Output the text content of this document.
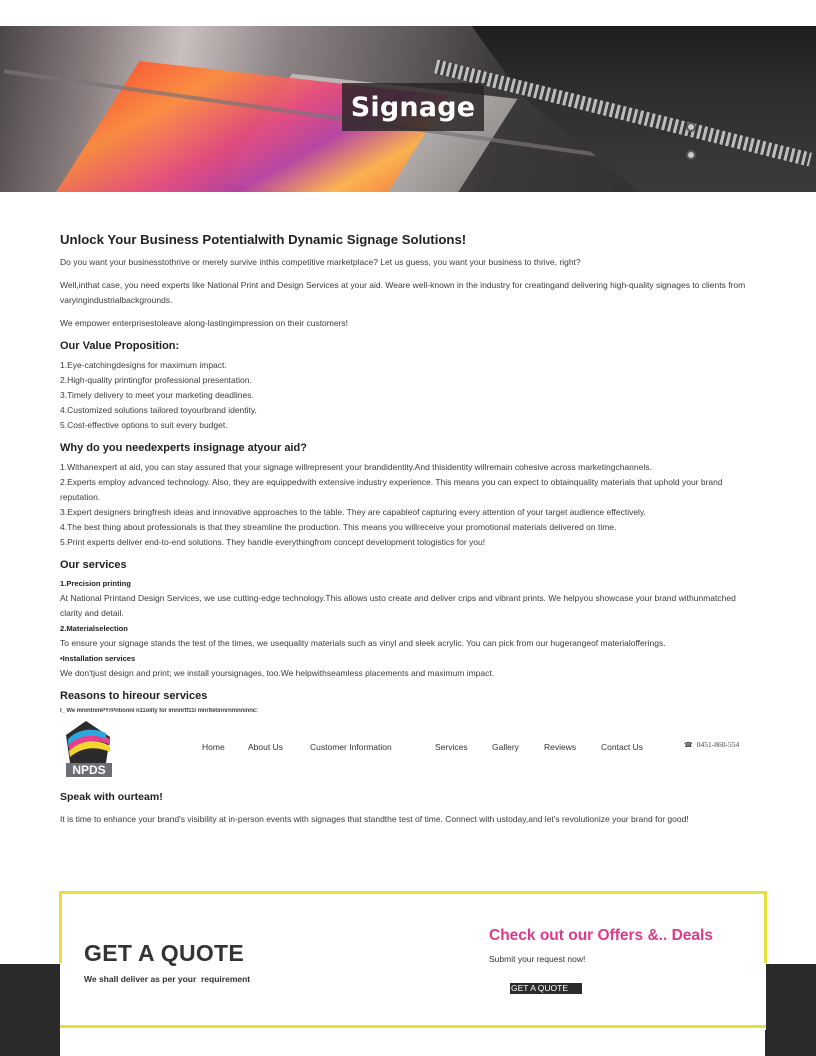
Signage
Unlock Your Business Potentialwith Dynamic Signage Solutions!

Do you want your businesstothrive or merely survive inthis competitive marketplace? Let us guess, you want your business to thrive, right?

Well,inthat case, you need experts like National Print and Design Services at your aid. Weare well-known in the industry for creatingand delivering high-quality signages to clients from varyingindustrialbackgrounds.

We empower enterprisestoleave along-lastingimpression on their customers!

Our Value Proposition:
1.Eye-catchingdesigns for maximum impact.
2.High-quality printingfor professional presentation.
3.Timely delivery to meet your marketing deadlines.
4.Customized solutions tailored toyourbrand identity.
5.Cost-effective options to suit every budget.
Why do you needexperts insignage atyour aid?
1.Withanexpert at aid, you can stay assured that your signage willrepresent your brandidentity.And thisidentity willremain cohesive across marketingchannels.
2.Experts employ advanced technology. Also, they are equippedwith extensive industry experience. This means you can expect to obtainquality materials that uphold your brand reputation.
3.Expert designers bringfresh ideas and innovative approaches to the table. They are capableof capturing every attention of your target audience effectively.
4.The best thing about professionals is that they streamline the production. This means you willreceive your promotional materials delivered on time.
5.Print experts deliver end-to-end solutions. They handle everythingfrom concept development tologistics for you!
Our services
1.Precision printing
At National Printand Design Services, we use cutting-edge technology.This allows usto create and deliver crips and vibrant prints. We helpyou showcase your brand withunmatched clarity and detail.
2.Materialselection
To ensure your signage stands the test of the times, we usequality materials such as vinyl and sleek acrylic. You can pick from our hugerangeof materialofferings.
•Installation services
We don'tjust design and print; we install yoursignages, too.We helpwithseamless placements and maximum impact.
Reasons to hireour services
I_ We mnintninPYrPntionnl n11olity for imnnrtf11l mnrltetinnrnmnninnc:
NPDS
Home	About Us	Customer Information	Services	Gallery	Reviews	Contact Us	☎ 0451-860-554
Speak with ourteam!

It is time to enhance your brand's visibility at in-person events with signages that standthe test of time. Connect with ustoday,and let's revolutionize your brand for good!

GET A QUOTE
We shall deliver as per your  requirement
Check out our Offers &.. Deals
Submit your request now!
GET A QUOTE
